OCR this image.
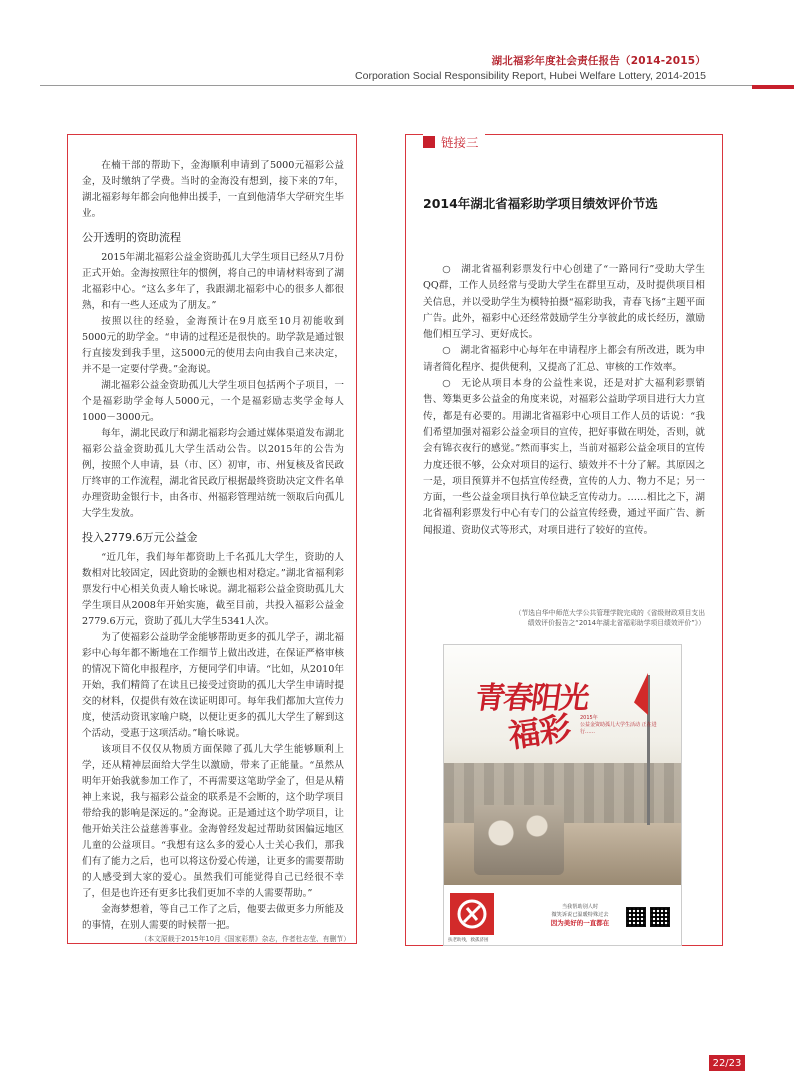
湖北福彩年度社会责任报告（2014-2015）
Corporation Social Responsibility Report, Hubei Welfare Lottery, 2014-2015

在楠干部的帮助下，金海顺利申请到了5000元福彩公益金，及时缴纳了学费。当时的金海没有想到，接下来的7年，湖北福彩每年都会向他伸出援手，一直到他清华大学研究生毕业。

公开透明的资助流程

2015年湖北福彩公益金资助孤儿大学生项目已经从7月份正式开始。金海按照往年的惯例，将自己的申请材料寄到了湖北福彩中心。“这么多年了，我跟湖北福彩中心的很多人都很熟，和有一些人还成为了朋友。”

按照以往的经验，金海预计在9月底至10月初能收到5000元的助学金。“申请的过程还是很快的。助学款是通过银行直接发到我手里，这5000元的使用去向由我自己来决定，并不是一定要付学费。”金海说。

湖北福彩公益金资助孤儿大学生项目包括两个子项目，一个是福彩助学金每人5000元，一个是福彩励志奖学金每人1000－3000元。

每年，湖北民政厅和湖北福彩均会通过媒体渠道发布湖北福彩公益金资助孤儿大学生活动公告。以2015年的公告为例，按照个人申请，县（市、区）初审，市、州复核及省民政厅终审的工作流程，湖北省民政厅根据最终资助决定文件名单办理资助金银行卡，由各市、州福彩管理站统一领取后向孤儿大学生发放。

投入2779.6万元公益金

“近几年，我们每年都资助上千名孤儿大学生，资助的人数相对比较固定，因此资助的金额也相对稳定。”湖北省福利彩票发行中心相关负责人喻长咏说。湖北福彩公益金资助孤儿大学生项目从2008年开始实施，截至目前，共投入福彩公益金2779.6万元，资助了孤儿大学生5341人次。

为了使福彩公益助学金能够帮助更多的孤儿学子，湖北福彩中心每年都不断地在工作细节上做出改进，在保证严格审核的情况下简化申报程序，方便同学们申请。“比如，从2010年开始，我们精简了在读且已接受过资助的孤儿大学生申请时提交的材料，仅提供有效在读证明即可。每年我们都加大宣传力度，使活动资讯家喻户晓，以便让更多的孤儿大学生了解到这个活动，受惠于这项活动。”喻长咏说。

该项目不仅仅从物质方面保障了孤儿大学生能够顺利上学，还从精神层面给大学生以激励，带来了正能量。“虽然从明年开始我就参加工作了，不再需要这笔助学金了，但是从精神上来说，我与福彩公益金的联系是不会断的，这个助学项目带给我的影响是深远的。”金海说。正是通过这个助学项目，让他开始关注公益慈善事业。金海曾经发起过帮助贫困偏远地区儿童的公益项目。“我想有这么多的爱心人士关心我们，那我们有了能力之后，也可以将这份爱心传递，让更多的需要帮助的人感受到大家的爱心。虽然我们可能觉得自己已经很不幸了，但是也许还有更多比我们更加不幸的人需要帮助。”

金海梦想着，等自己工作了之后，他要去做更多力所能及的事情，在别人需要的时候帮一把。

（本文原载于2015年10月《国家彩票》杂志，作者杜志莹、有删节）
链接三
2014年湖北省福彩助学项目绩效评价节选

○　湖北省福利彩票发行中心创建了“一路同行”受助大学生QQ群，工作人员经常与受助大学生在群里互动，及时提供项目相关信息，并以受助学生为模特拍摄“福彩助我，青春飞扬”主题平面广告。此外，福彩中心还经常鼓励学生分享彼此的成长经历，激励他们相互学习、更好成长。

○　湖北省福彩中心每年在申请程序上都会有所改进，既为申请者简化程序、提供便利，又提高了汇总、审核的工作效率。

○　无论从项目本身的公益性来说，还是对扩大福利彩票销售、筹集更多公益金的角度来说，对福彩公益助学项目进行大力宣传，都是有必要的。用湖北省福彩中心项目工作人员的话说：“我们希望加强对福彩公益金项目的宣传，把好事做在明处，否则，就会有锦衣夜行的感觉。”然而事实上，当前对福彩公益金项目的宣传力度还很不够，公众对项目的运行、绩效并不十分了解。其原因之一是，项目预算并不包括宣传经费，宣传的人力、物力不足；另一方面，一些公益金项目执行单位缺乏宣传动力。……相比之下，湖北省福利彩票发行中心有专门的公益宣传经费，通过平面广告、新闻报道、资助仪式等形式，对项目进行了较好的宣传。

（节选自华中师范大学公共管理学院完成的《省级财政项目支出
绩效评价报告之“2014年湖北省福彩助学项目绩效评价”》）
青春阳光
福彩 2015年
公益金资助孤儿大学生活动 正在进行……
扶老助残，救孤济困
当我帮助别人时
微笑诉说已温暖特殊过去
因为美好的一直都在
22/23
